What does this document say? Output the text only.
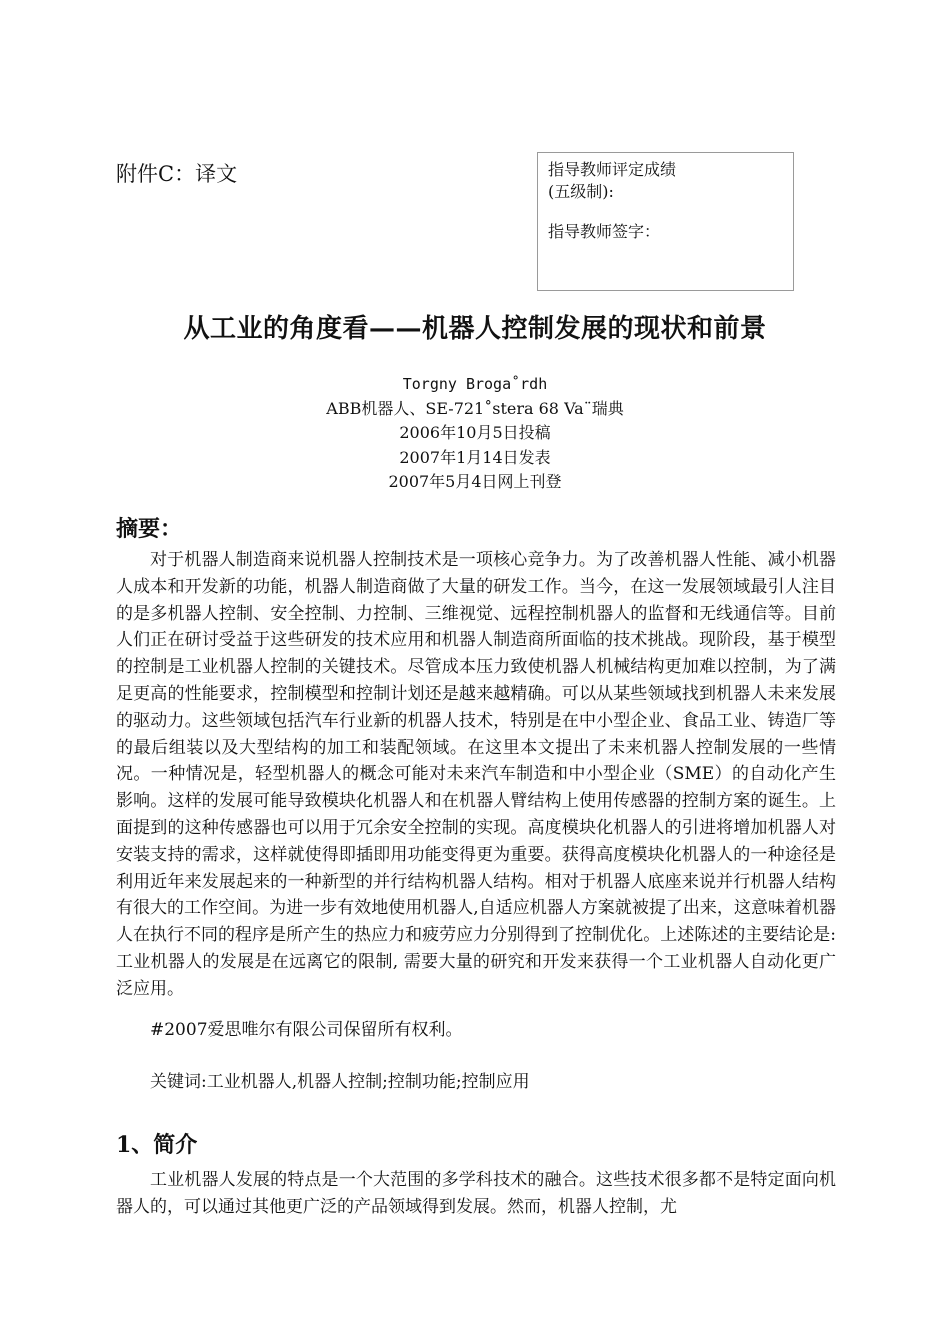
附件C：译文	指导教师评定成绩
(五级制):
指导教师签字：
从工业的角度看——机器人控制发展的现状和前景
Torgny Broga˚rdh
ABB机器人、SE-721˚stera 68 Va¨瑞典
2006年10月5日投稿
2007年1月14日发表
2007年5月4日网上刊登
摘要：
对于机器人制造商来说机器人控制技术是一项核心竞争力。为了改善机器人性能、减小机器人成本和开发新的功能，机器人制造商做了大量的研发工作。当今，在这一发展领域最引人注目的是多机器人控制、安全控制、力控制、三维视觉、远程控制机器人的监督和无线通信等。目前人们正在研讨受益于这些研发的技术应用和机器人制造商所面临的技术挑战。现阶段，基于模型的控制是工业机器人控制的关键技术。尽管成本压力致使机器人机械结构更加难以控制，为了满足更高的性能要求，控制模型和控制计划还是越来越精确。可以从某些领域找到机器人未来发展的驱动力。这些领域包括汽车行业新的机器人技术，特别是在中小型企业、食品工业、铸造厂等的最后组装以及大型结构的加工和装配领域。在这里本文提出了未来机器人控制发展的一些情况。一种情况是，轻型机器人的概念可能对未来汽车制造和中小型企业（SME）的自动化产生影响。这样的发展可能导致模块化机器人和在机器人臂结构上使用传感器的控制方案的诞生。上面提到的这种传感器也可以用于冗余安全控制的实现。高度模块化机器人的引进将增加机器人对安装支持的需求，这样就使得即插即用功能变得更为重要。获得高度模块化机器人的一种途径是利用近年来发展起来的一种新型的并行结构机器人结构。相对于机器人底座来说并行机器人结构有很大的工作空间。为进一步有效地使用机器人,自适应机器人方案就被提了出来，这意味着机器人在执行不同的程序是所产生的热应力和疲劳应力分别得到了控制优化。上述陈述的主要结论是:工业机器人的发展是在远离它的限制, 需要大量的研究和开发来获得一个工业机器人自动化更广泛应用。
#2007爱思唯尔有限公司保留所有权利。
关键词:工业机器人,机器人控制;控制功能;控制应用
1、简介
工业机器人发展的特点是一个大范围的多学科技术的融合。这些技术很多都不是特定面向机器人的，可以通过其他更广泛的产品领域得到发展。然而，机器人控制，尤
